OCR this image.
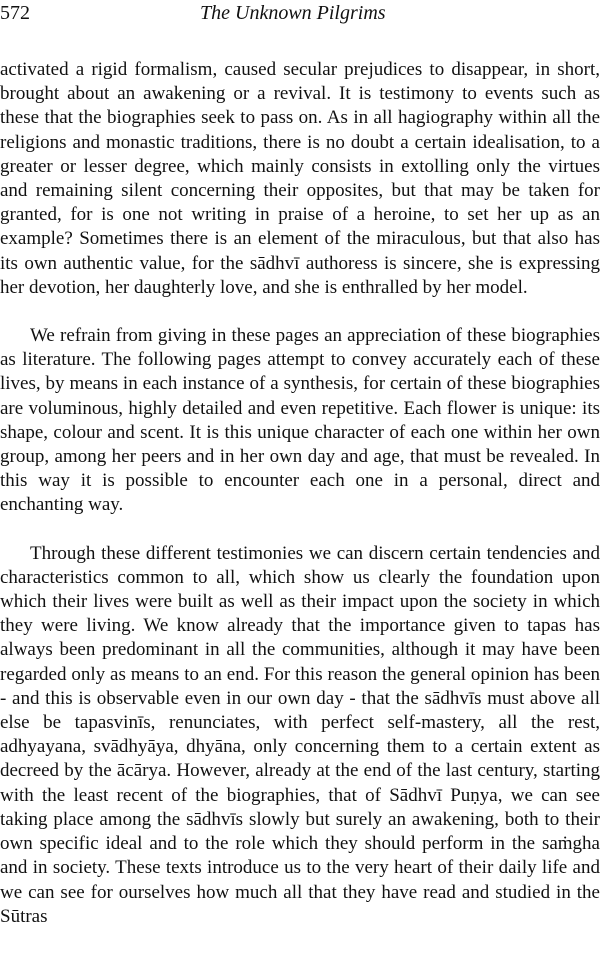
572	The Unknown Pilgrims

activated a rigid formalism, caused secular prejudices to disappear, in short, brought about an awakening or a revival. It is testimony to events such as these that the biographies seek to pass on. As in all hagiography within all the religions and monastic traditions, there is no doubt a certain idealisation, to a greater or lesser degree, which mainly consists in extolling only the virtues and remaining silent concerning their opposites, but that may be taken for granted, for is one not writing in praise of a heroine, to set her up as an example? Sometimes there is an element of the miraculous, but that also has its own authentic value, for the sādhvī authoress is sincere, she is expressing her devotion, her daughterly love, and she is enthralled by her model.

We refrain from giving in these pages an appreciation of these biographies as literature. The following pages attempt to convey accurately each of these lives, by means in each instance of a synthesis, for certain of these biographies are voluminous, highly detailed and even repetitive. Each flower is unique: its shape, colour and scent. It is this unique character of each one within her own group, among her peers and in her own day and age, that must be revealed. In this way it is possible to encounter each one in a personal, direct and enchanting way.

Through these different testimonies we can discern certain tendencies and characteristics common to all, which show us clearly the foundation upon which their lives were built as well as their impact upon the society in which they were living. We know already that the importance given to tapas has always been predominant in all the communities, although it may have been regarded only as means to an end. For this reason the general opinion has been - and this is observable even in our own day - that the sādhvīs must above all else be tapasvinīs, renunciates, with perfect self-mastery, all the rest, adhyayana, svādhyāya, dhyāna, only concerning them to a certain extent as decreed by the ācārya. However, already at the end of the last century, starting with the least recent of the biographies, that of Sādhvī Puṇya, we can see taking place among the sādhvīs slowly but surely an awakening, both to their own specific ideal and to the role which they should perform in the saṁgha and in society. These texts introduce us to the very heart of their daily life and we can see for ourselves how much all that they have read and studied in the Sūtras
